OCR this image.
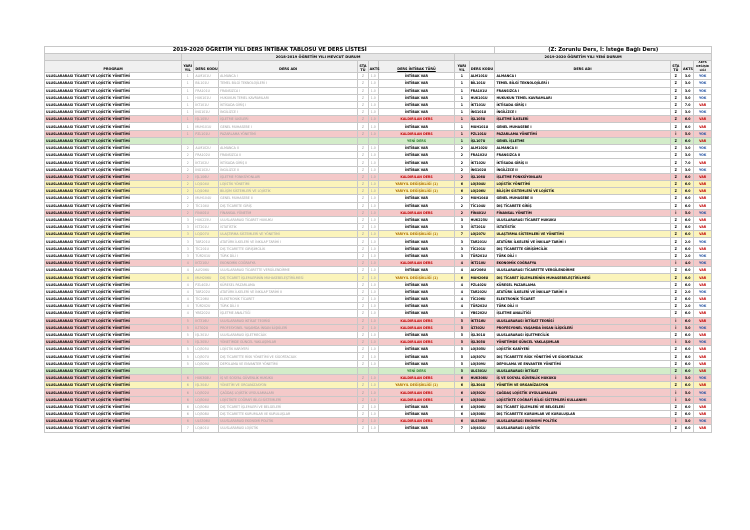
2019-2020 ÖĞRETİM YILI DERS İNTİBAK TABLOSU VE DERS LİSTESİ									(Z: Zorunlu Ders, İ: İsteğe Bağlı Ders)			
	2018-2019 ÖĞRETİM YILI MEVCUT DURUM						2019-2020 ÖĞRETİM YILI YENİ DURUM					
PROGRAM	YARI YIL	DERS KODU	DERS ADI	STA TÜ	AKTS	DERS İNTİBAK TÜRÜ	YARI YIL	DERS KODU	DERS ADI	STA TÜ	AKTS	AKTS DEĞİŞİK LİĞİ
ULUSLARARASI TİCARET VE LOJİSTİK YÖNETİMİ	1	ALM101U	ALMANCA I	Z	1.0	İNTİBAK VAR	1	ALM101U	ALMANCA I	Z	3.0	YOK
ULUSLARARASI TİCARET VE LOJİSTİK YÖNETİMİ	1	BİL101U	TEMEL BİLGİ TEKNOLOJİLERİ I	Z	1.0	İNTİBAK VAR	1	BİL101U	TEMEL BİLGİ TEKNOLOJİLERİ I	Z	3.0	YOK
ULUSLARARASI TİCARET VE LOJİSTİK YÖNETİMİ	1	FRA101U	FRANSIZCA I	Z	1.0	İNTİBAK VAR	1	FRA101U	FRANSIZCA I	Z	3.0	YOK
ULUSLARARASI TİCARET VE LOJİSTİK YÖNETİMİ	1	HUK101U	HUKUKUN TEMEL KAVRAMLARI	Z	1.0	İNTİBAK VAR	1	HUK101U	HUKUKUN TEMEL KAVRAMLARI	Z	5.0	YOK
ULUSLARARASI TİCARET VE LOJİSTİK YÖNETİMİ	1	İKT101U	İKTİSADA GİRİŞ I	Z	1.0	İNTİBAK VAR	1	İKT101U	İKTİSADA GİRİŞ I	Z	7.0	VAR
ULUSLARARASI TİCARET VE LOJİSTİK YÖNETİMİ	1	İNG101U	İNGİLİZCE I	Z	1.0	İNTİBAK VAR	1	İNG101U	İNGİLİZCE I	Z	3.0	YOK
ULUSLARARASI TİCARET VE LOJİSTİK YÖNETİMİ	1	İŞL105U	İŞLETME İLKELERİ	Z	1.0	KALDIRILAN DERS	1	İŞL105U	İŞLETME İLKELERİ	Z	6.0	VAR
ULUSLARARASI TİCARET VE LOJİSTİK YÖNETİMİ	1	MUH101U	GENEL MUHASEBE I	Z	1.0	İNTİBAK VAR	1	MUH101U	GENEL MUHASEBE I	Z	6.0	VAR
ULUSLARARASI TİCARET VE LOJİSTİK YÖNETİMİ	1	PZL101U	PAZARLAMA YÖNETİMİ	Z	1.0	KALDIRILAN DERS	1	PZL101U	PAZARLAMA YÖNETİMİ	İ	5.0	YOK
ULUSLARARASI TİCARET VE LOJİSTİK YÖNETİMİ						YENİ DERS	1	İŞL107U	GENEL İŞLETME	Z	6.0	VAR
ULUSLARARASI TİCARET VE LOJİSTİK YÖNETİMİ	2	ALM102U	ALMANCA II	Z	1.0	İNTİBAK VAR	2	ALM102U	ALMANCA II	Z	3.0	YOK
ULUSLARARASI TİCARET VE LOJİSTİK YÖNETİMİ	2	FRA102U	FRANSIZCA II	Z	1.0	İNTİBAK VAR	2	FRA102U	FRANSIZCA II	Z	3.0	YOK
ULUSLARARASI TİCARET VE LOJİSTİK YÖNETİMİ	2	İKT102U	İKTİSADA GİRİŞ II	Z	1.0	İNTİBAK VAR	2	İKT102U	İKTİSADA GİRİŞ II	Z	7.0	VAR
ULUSLARARASI TİCARET VE LOJİSTİK YÖNETİMİ	2	İNG102U	İNGİLİZCE II	Z	1.0	İNTİBAK VAR	2	İNG102U	İNGİLİZCE II	Z	3.0	YOK
ULUSLARARASI TİCARET VE LOJİSTİK YÖNETİMİ	2	İŞL106U	İŞLETME FONKSİYONLARI	Z	1.0	KALDIRILAN DERS	2	İŞL106U	İŞLETME FONKSİYONLARI	Z	6.0	VAR
ULUSLARARASI TİCARET VE LOJİSTİK YÖNETİMİ	2	LOJ104U	LOJİSTİK YÖNETİMİ	Z	1.0	YARIYIL DEĞİŞİKLİĞİ (1)	6	LOJ304U	LOJİSTİK YÖNETİMİ	Z	6.0	VAR
ULUSLARARASI TİCARET VE LOJİSTİK YÖNETİMİ	2	LOJ106U	BİLİŞİM SİSTEMLERİ VE LOJİSTİK	Z	1.0	YARIYIL DEĞİŞİKLİĞİ (1)	6	LOJ206U	BİLİŞİM SİSTEMLERİ VE LOJİSTİK	Z	6.0	VAR
ULUSLARARASI TİCARET VE LOJİSTİK YÖNETİMİ	2	MUH104U	GENEL MUHASEBE II	Z	1.0	İNTİBAK VAR	2	MUH104U	GENEL MUHASEBE II	Z	6.0	VAR
ULUSLARARASI TİCARET VE LOJİSTİK YÖNETİMİ	2	TİC104U	DIŞ TİCARETE GİRİŞ	Z	1.0	İNTİBAK VAR	2	TİC104U	DIŞ TİCARETE GİRİŞ	Z	6.0	VAR
ULUSLARARASI TİCARET VE LOJİSTİK YÖNETİMİ	2	FİN401U	FİNANSAL YÖNETİM	Z	1.0	KALDIRILAN DERS	2	FİN401U	FİNANSAL YÖNETİM	İ	5.0	YOK
ULUSLARARASI TİCARET VE LOJİSTİK YÖNETİMİ	3	HUK225U	ULUSLARARASI TİCARET HUKUKU	Z	1.0	İNTİBAK VAR	3	HUK225U	ULUSLARARASI TİCARET HUKUKU	Z	6.0	VAR
ULUSLARARASI TİCARET VE LOJİSTİK YÖNETİMİ	3	İST201U	İSTATİSTİK	Z	1.0	İNTİBAK VAR	3	İST201U	İSTATİSTİK	Z	6.0	VAR
ULUSLARARASI TİCARET VE LOJİSTİK YÖNETİMİ	3	LOJ207U	ULAŞTIRMA SİSTEMLERİ VE YÖNETİMİ	Z	1.0	YARIYIL DEĞİŞİKLİĞİ (1)	7	LOJ207U	ULAŞTIRMA SİSTEMLERİ VE YÖNETİMİ	Z	6.0	VAR
ULUSLARARASI TİCARET VE LOJİSTİK YÖNETİMİ	3	TAR201U	ATATÜRK İLKELERİ VE İNKILAP TARİHİ I	Z	1.0	İNTİBAK VAR	3	TAR201U	ATATÜRK İLKELERİ VE İNKILAP TARİHİ I	Z	2.0	YOK
ULUSLARARASI TİCARET VE LOJİSTİK YÖNETİMİ	3	TİC201U	DIŞ TİCARETTE GİRİŞİMCİLİK	Z	1.0	İNTİBAK VAR	3	TİC201U	DIŞ TİCARETTE GİRİŞİMCİLİK	Z	6.0	VAR
ULUSLARARASI TİCARET VE LOJİSTİK YÖNETİMİ	3	TÜR201U	TÜRK DİLİ I	Z	1.0	İNTİBAK VAR	3	TÜR201U	TÜRK DİLİ I	Z	2.0	YOK
ULUSLARARASI TİCARET VE LOJİSTİK YÖNETİMİ	4	İKT210U	EKONOMİK COĞRAFYA	Z	1.0	KALDIRILAN DERS	4	İKT210U	EKONOMİK COĞRAFYA	İ	4.0	YOK
ULUSLARARASI TİCARET VE LOJİSTİK YÖNETİMİ	4	ALY206U	ULUSLARARASI TİCARETTE VERGİLENDİRME	Z	1.0	İNTİBAK VAR	4	ALY206U	ULUSLARARASI TİCARETTE VERGİLENDİRME	Z	6.0	VAR
ULUSLARARASI TİCARET VE LOJİSTİK YÖNETİMİ	4	MUH206U	DIŞ TİCARET İŞLEMLERİNİN MUHASEBELEŞTİRİLMESİ	Z	1.0	YARIYIL DEĞİŞİKLİĞİ (1)	6	MUH206U	DIŞ TİCARET İŞLEMLERİNİN MUHASEBELEŞTİRİLMESİ	Z	6.0	VAR
ULUSLARARASI TİCARET VE LOJİSTİK YÖNETİMİ	4	PZL402U	KÜRESEL PAZARLAMA	Z	1.0	İNTİBAK VAR	4	PZL402U	KÜRESEL PAZARLAMA	Z	6.0	VAR
ULUSLARARASI TİCARET VE LOJİSTİK YÖNETİMİ	4	TAR202U	ATATÜRK İLKELERİ VE İNKILAP TARİHİ II	Z	1.0	İNTİBAK VAR	4	TAR202U	ATATÜRK İLKELERİ VE İNKILAP TARİHİ II	Z	2.0	YOK
ULUSLARARASI TİCARET VE LOJİSTİK YÖNETİMİ	4	TİC206U	ELEKTRONİK TİCARET	Z	1.0	İNTİBAK VAR	4	TİC206U	ELEKTRONİK TİCARET	Z	6.0	VAR
ULUSLARARASI TİCARET VE LOJİSTİK YÖNETİMİ	4	TÜR202U	TÜRK DİLİ II	Z	1.0	İNTİBAK VAR	4	TÜR202U	TÜRK DİLİ II	Z	2.0	YOK
ULUSLARARASI TİCARET VE LOJİSTİK YÖNETİMİ	4	YBS202U	İŞLETME ANALİTİĞİ	Z	1.0	İNTİBAK VAR	4	YBS202U	İŞLETME ANALİTİĞİ	Z	6.0	VAR
ULUSLARARASI TİCARET VE LOJİSTİK YÖNETİMİ	5	İKT316U	ULUSLARARASI İKTİSAT TEORİSİ	Z	1.0	KALDIRILAN DERS	5	İKT316U	ULUSLARARASI İKTİSAT TEORİSİ	İ	6.0	VAR
ULUSLARARASI TİCARET VE LOJİSTİK YÖNETİMİ	5	İLT302U	PROFESYONEL YAŞAMDA İNSAN İLİŞKİLERİ	Z	1.0	KALDIRILAN DERS	5	İLT302U	PROFESYONEL YAŞAMDA İNSAN İLİŞKİLERİ	İ	5.0	YOK
ULUSLARARASI TİCARET VE LOJİSTİK YÖNETİMİ	5	İŞL301U	ULUSLARARASI İŞLETMECİLİK	Z	1.0	İNTİBAK VAR	5	İŞL301U	ULUSLARARASI İŞLETMECİLİK	Z	6.0	VAR
ULUSLARARASI TİCARET VE LOJİSTİK YÖNETİMİ	5	İŞL305U	YÖNETİMDE GÜNCEL YAKLAŞIMLAR	Z	1.0	KALDIRILAN DERS	5	İŞL305U	YÖNETİMDE GÜNCEL YAKLAŞIMLAR	İ	5.0	YOK
ULUSLARARASI TİCARET VE LOJİSTİK YÖNETİMİ	5	LOJ305U	LOJİSTİK KARİYERİ	Z	1.0	İNTİBAK VAR	5	LOJ305U	LOJİSTİK KARİYERİ	Z	6.0	VAR
ULUSLARARASI TİCARET VE LOJİSTİK YÖNETİMİ	5	LOJ307U	DIŞ TİCARETTE RİSK YÖNETİMİ VE SİGORTACILIK	Z	1.0	İNTİBAK VAR	5	LOJ307U	DIŞ TİCARETTE RİSK YÖNETİMİ VE SİGORTACILIK	Z	6.0	VAR
ULUSLARARASI TİCARET VE LOJİSTİK YÖNETİMİ	5	LOJ309U	DEPOLAMA VE ENVANTER YÖNETİMİ	Z	1.0	İNTİBAK VAR	5	LOJ309U	DEPOLAMA VE ENVANTER YÖNETİMİ	Z	6.0	VAR
ULUSLARARASI TİCARET VE LOJİSTİK YÖNETİMİ						YENİ DERS	5	ULS301U	ULUSLARARASI İKTİSAT	Z	6.0	VAR
ULUSLARARASI TİCARET VE LOJİSTİK YÖNETİMİ	6	HUK308U	İŞ VE SOSYAL GÜVENLİK HUKUKU	Z	1.0	KALDIRILAN DERS	6	HUK308U	İŞ VE SOSYAL GÜVENLİK HUKUKU	İ	5.0	YOK
ULUSLARARASI TİCARET VE LOJİSTİK YÖNETİMİ	6	İŞL304U	YÖNETİM VE ORGANİZASYON	Z	1.0	YARIYIL DEĞİŞİKLİĞİ (1)	6	İŞL304U	YÖNETİM VE ORGANİZASYON	Z	6.0	VAR
ULUSLARARASI TİCARET VE LOJİSTİK YÖNETİMİ	6	LOJ302U	ÇAĞDAŞ LOJİSTİK UYGULAMALARI	Z	1.0	KALDIRILAN DERS	6	LOJ302U	ÇAĞDAŞ LOJİSTİK UYGULAMALARI	İ	5.0	YOK
ULUSLARARASI TİCARET VE LOJİSTİK YÖNETİMİ	6	LOJ304U	LOJİSTİKTE COĞRAFİ BİLGİ SİSTEMLERİ	Z	1.0	KALDIRILAN DERS	6	LOJ304U	LOJİSTİKTE COĞRAFİ BİLGİ SİSTEMLERİ KULLANIMI	İ	5.0	YOK
ULUSLARARASI TİCARET VE LOJİSTİK YÖNETİMİ	6	LOJ306U	DIŞ TİCARET İŞLEMLERİ VE BELGELERİ	Z	1.0	İNTİBAK VAR	6	LOJ306U	DIŞ TİCARET İŞLEMLERİ VE BELGELERİ	Z	6.0	VAR
ULUSLARARASI TİCARET VE LOJİSTİK YÖNETİMİ	6	LOJ308U	DIŞ TİCARETTE KURUMLAR VE KURULUŞLAR	Z	1.0	İNTİBAK VAR	6	LOJ308U	DIŞ TİCARETTE KURUMLAR VE KURULUŞLAR	Z	6.0	VAR
ULUSLARARASI TİCARET VE LOJİSTİK YÖNETİMİ	6	ULS306U	ULUSLARARASI EKONOMİ POLİTİK	Z	1.0	KALDIRILAN DERS	6	ULS306U	ULUSLARARASI EKONOMİ POLİTİK	İ	5.0	YOK
ULUSLARARASI TİCARET VE LOJİSTİK YÖNETİMİ	7	LOJ401U	ULUSLARARASI LOJİSTİK	Z	1.0	İNTİBAK VAR	7	LOJ401U	ULUSLARARASI LOJİSTİK	Z	6.0	VAR
